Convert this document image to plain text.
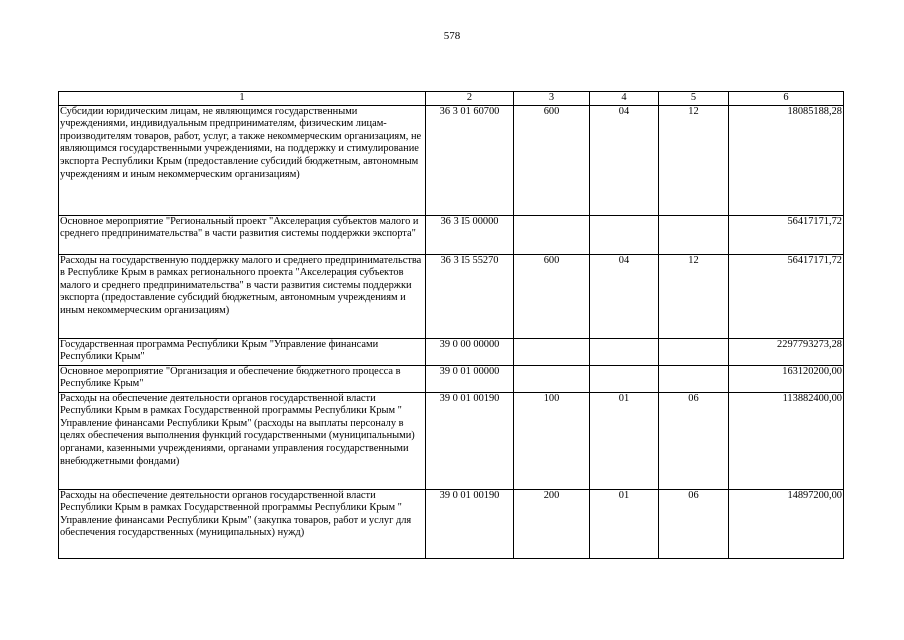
578
1	2	3	4	5	6
Субсидии юридическим лицам, не являющимся государственными учреждениями, индивидуальным предпринимателям, физическим лицам-производителям товаров, работ, услуг, а также некоммерческим организациям, не являющимся государственными учреждениями, на поддержку и стимулирование экспорта Республики Крым (предоставление субсидий бюджетным, автономным учреждениям и иным некоммерческим организациям)	36 3 01 60700	600	04	12	18085188,28
Основное мероприятие "Региональный проект "Акселерация субъектов малого и среднего предпринимательства" в части развития системы поддержки экспорта"	36 3 I5 00000				56417171,72
Расходы на государственную поддержку малого и среднего предпринимательства в Республике Крым в рамках регионального проекта "Акселерация субъектов малого и среднего предпринимательства" в части развития системы поддержки экспорта (предоставление субсидий бюджетным, автономным учреждениям и иным некоммерческим организациям)	36 3 I5 55270	600	04	12	56417171,72
Государственная программа Республики Крым "Управление финансами Республики Крым"	39 0 00 00000				2297793273,28
Основное мероприятие "Организация и обеспечение бюджетного процесса в Республике Крым"	39 0 01 00000				163120200,00
Расходы на обеспечение деятельности органов государственной власти Республики Крым в рамках Государственной программы Республики Крым " Управление финансами Республики Крым" (расходы на выплаты персоналу в целях обеспечения выполнения функций государственными (муниципальными) органами, казенными учреждениями, органами управления государственными внебюджетными фондами)	39 0 01 00190	100	01	06	113882400,00
Расходы на обеспечение деятельности органов государственной власти Республики Крым в рамках Государственной программы Республики Крым " Управление финансами Республики Крым" (закупка товаров, работ и услуг для обеспечения государственных (муниципальных) нужд)	39 0 01 00190	200	01	06	14897200,00
